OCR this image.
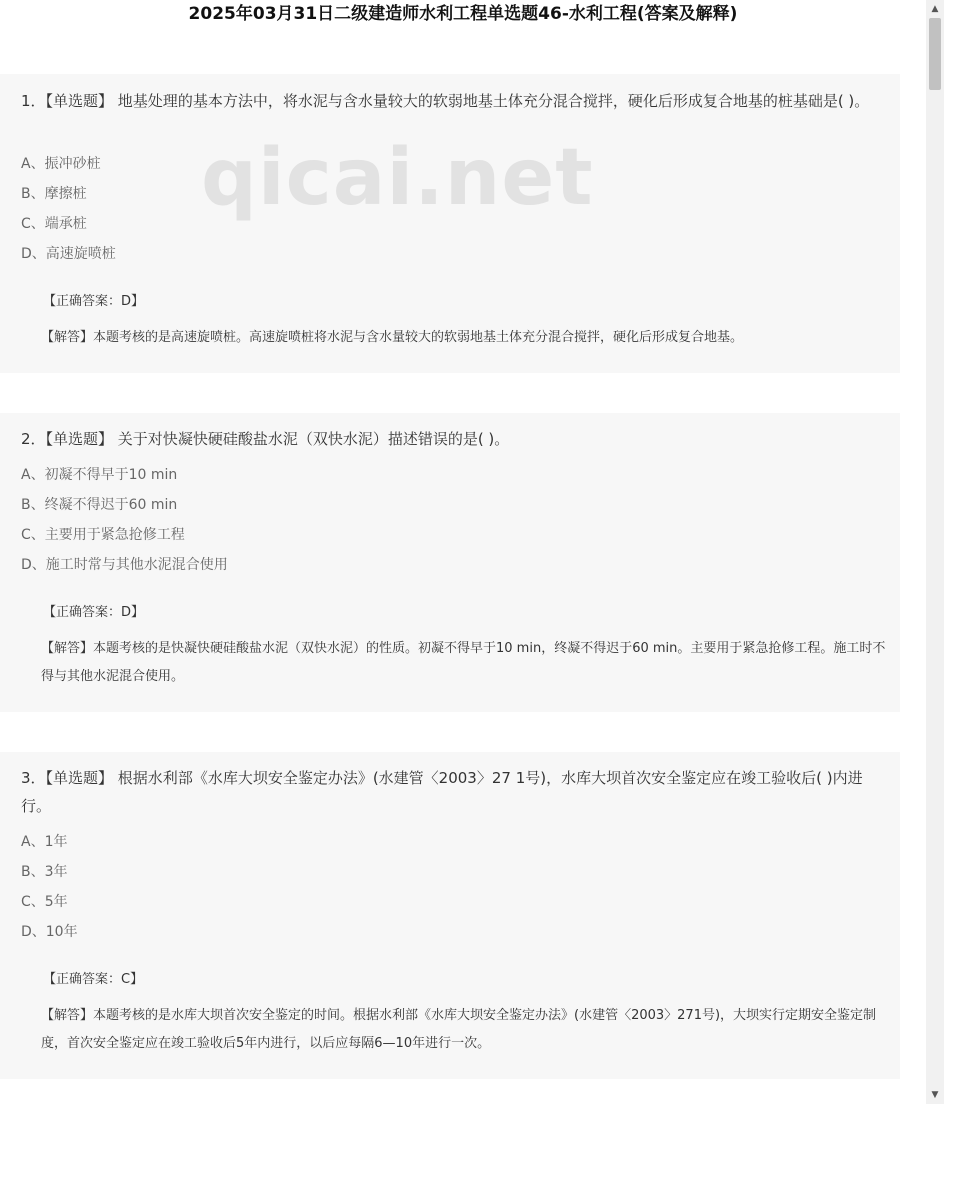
2025年03月31日二级建造师水利工程单选题46-水利工程(答案及解释)
1．【单选题】 地基处理的基本方法中，将水泥与含水量较大的软弱地基土体充分混合搅拌，硬化后形成复合地基的桩基础是( )。
A、振冲砂桩
B、摩擦桩
C、端承桩
D、高速旋喷桩
【正确答案：D】
【解答】本题考核的是高速旋喷桩。高速旋喷桩将水泥与含水量较大的软弱地基土体充分混合搅拌，硬化后形成复合地基。
2．【单选题】 关于对快凝快硬硅酸盐水泥（双快水泥）描述错误的是( )。
A、初凝不得早于10 min
B、终凝不得迟于60 min
C、主要用于紧急抢修工程
D、施工时常与其他水泥混合使用
【正确答案：D】
【解答】本题考核的是快凝快硬硅酸盐水泥（双快水泥）的性质。初凝不得早于10 min，终凝不得迟于60 min。主要用于紧急抢修工程。施工时不得与其他水泥混合使用。
3．【单选题】 根据水利部《水库大坝安全鉴定办法》(水建管〈2003〉27 1号)，水库大坝首次安全鉴定应在竣工验收后( )内进行。
A、1年
B、3年
C、5年
D、10年
【正确答案：C】
【解答】本题考核的是水库大坝首次安全鉴定的时间。根据水利部《水库大坝安全鉴定办法》(水建管〈2003〉271号)，大坝实行定期安全鉴定制度，首次安全鉴定应在竣工验收后5年内进行，以后应每隔6—10年进行一次。
qicai.net
▲
▼
